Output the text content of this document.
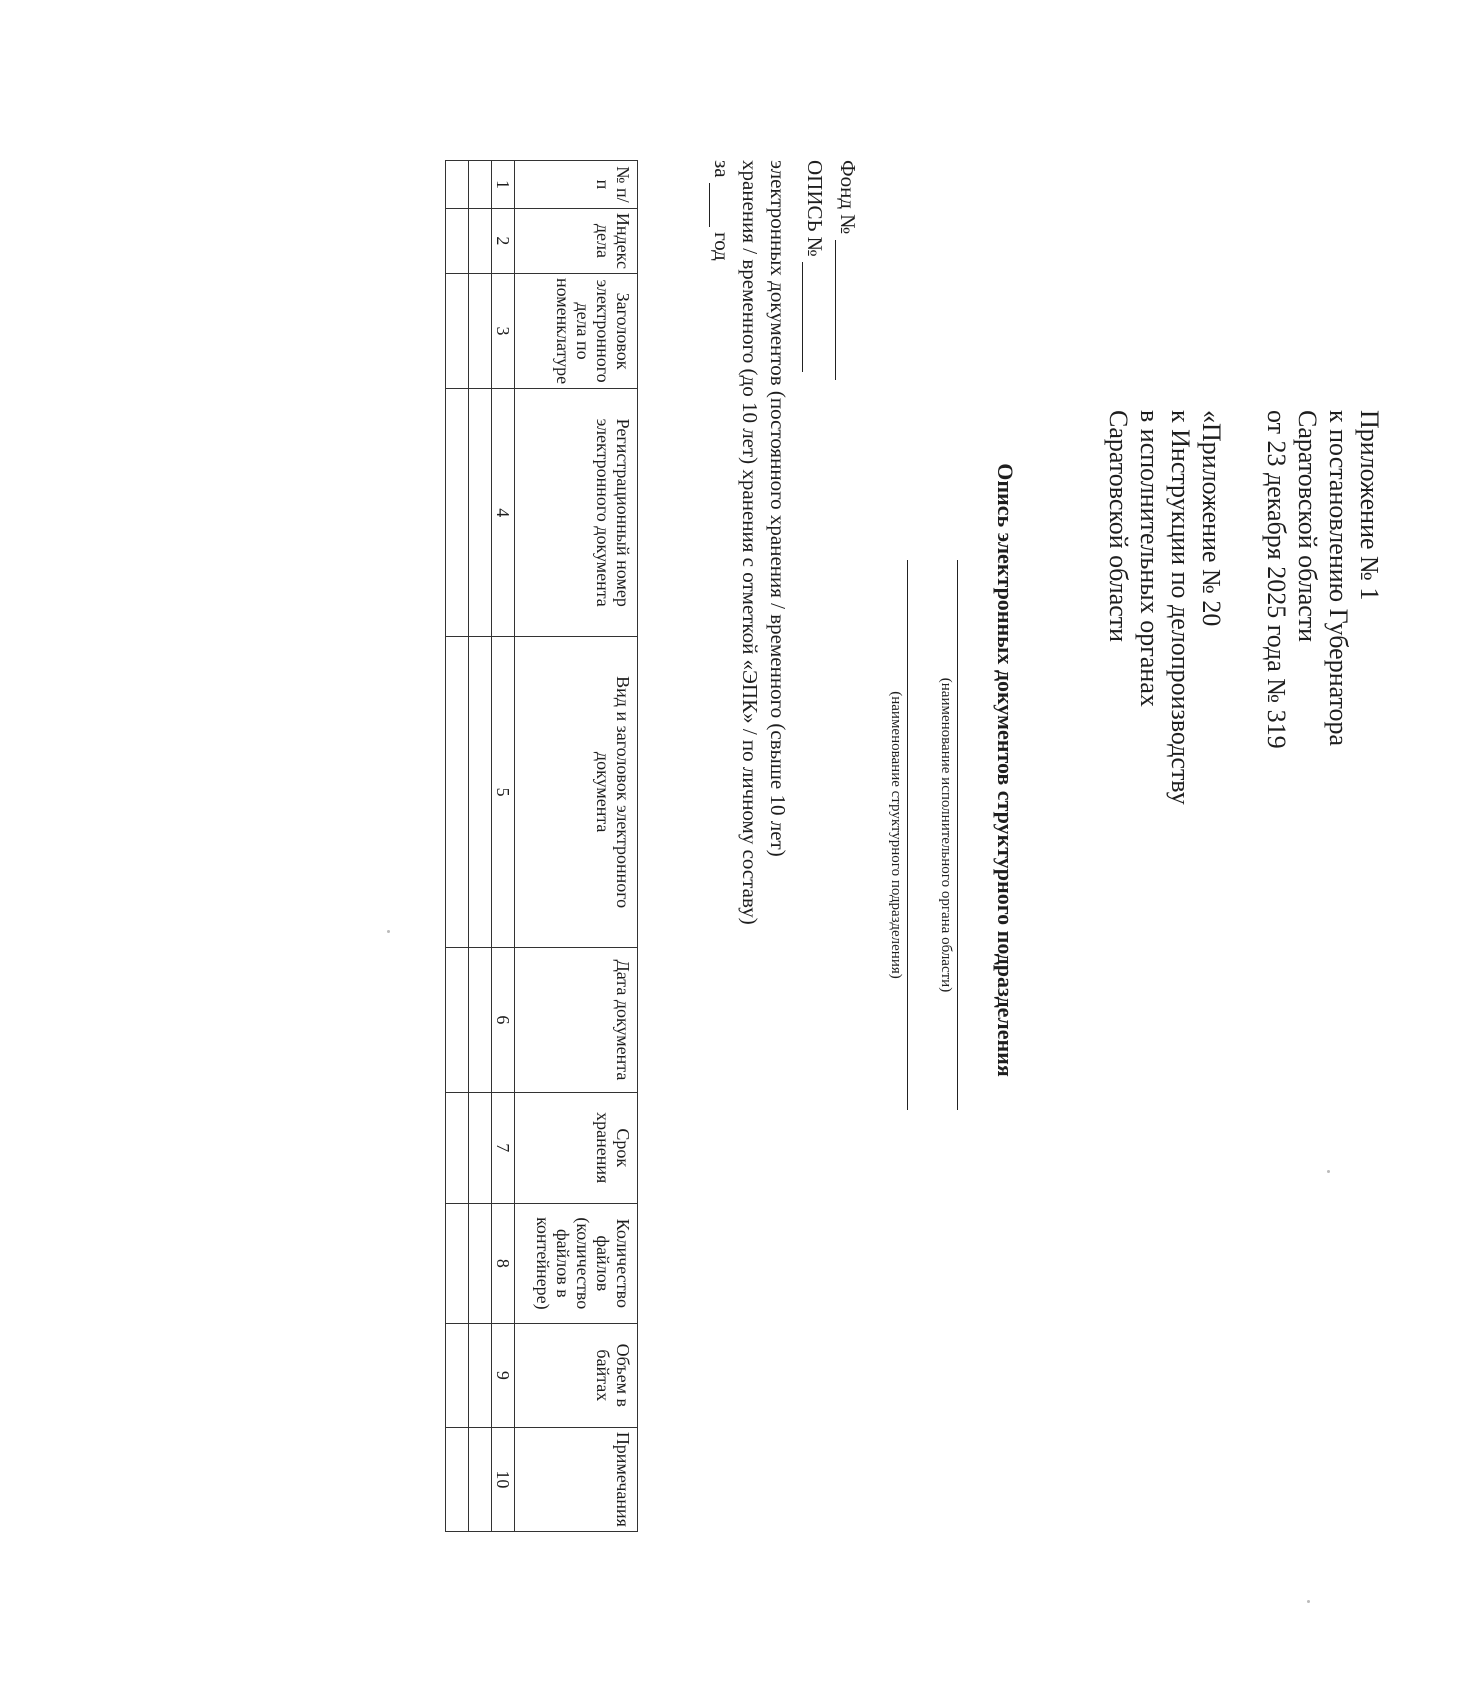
Приложение № 1
к постановлению Губернатора
Саратовской области
от 23 декабря 2025 года № 319
«Приложение № 20
к Инструкции по делопроизводству
в исполнительных органах
Саратовской области
Опись электронных документов структурного подразделения
(наименование исполнительного органа области)
(наименование структурного подразделения)
Фонд №
ОПИСЬ №
электронных документов (постоянного хранения / временного (свыше 10 лет)
хранения / временного (до 10 лет) хранения с отметкой «ЭПК» / по личному составу)
за  год
№ п/п	Индекс дела	Заголовок электронного дела по номенклатуре	Регистрационный номер электронного документа	Вид и заголовок электронного документа	Дата документа	Срок хранения	Количество файлов (количество файлов в контейнере)	Объем в байтах	Примечания
1	2	3	4	5	6	7	8	9	10
